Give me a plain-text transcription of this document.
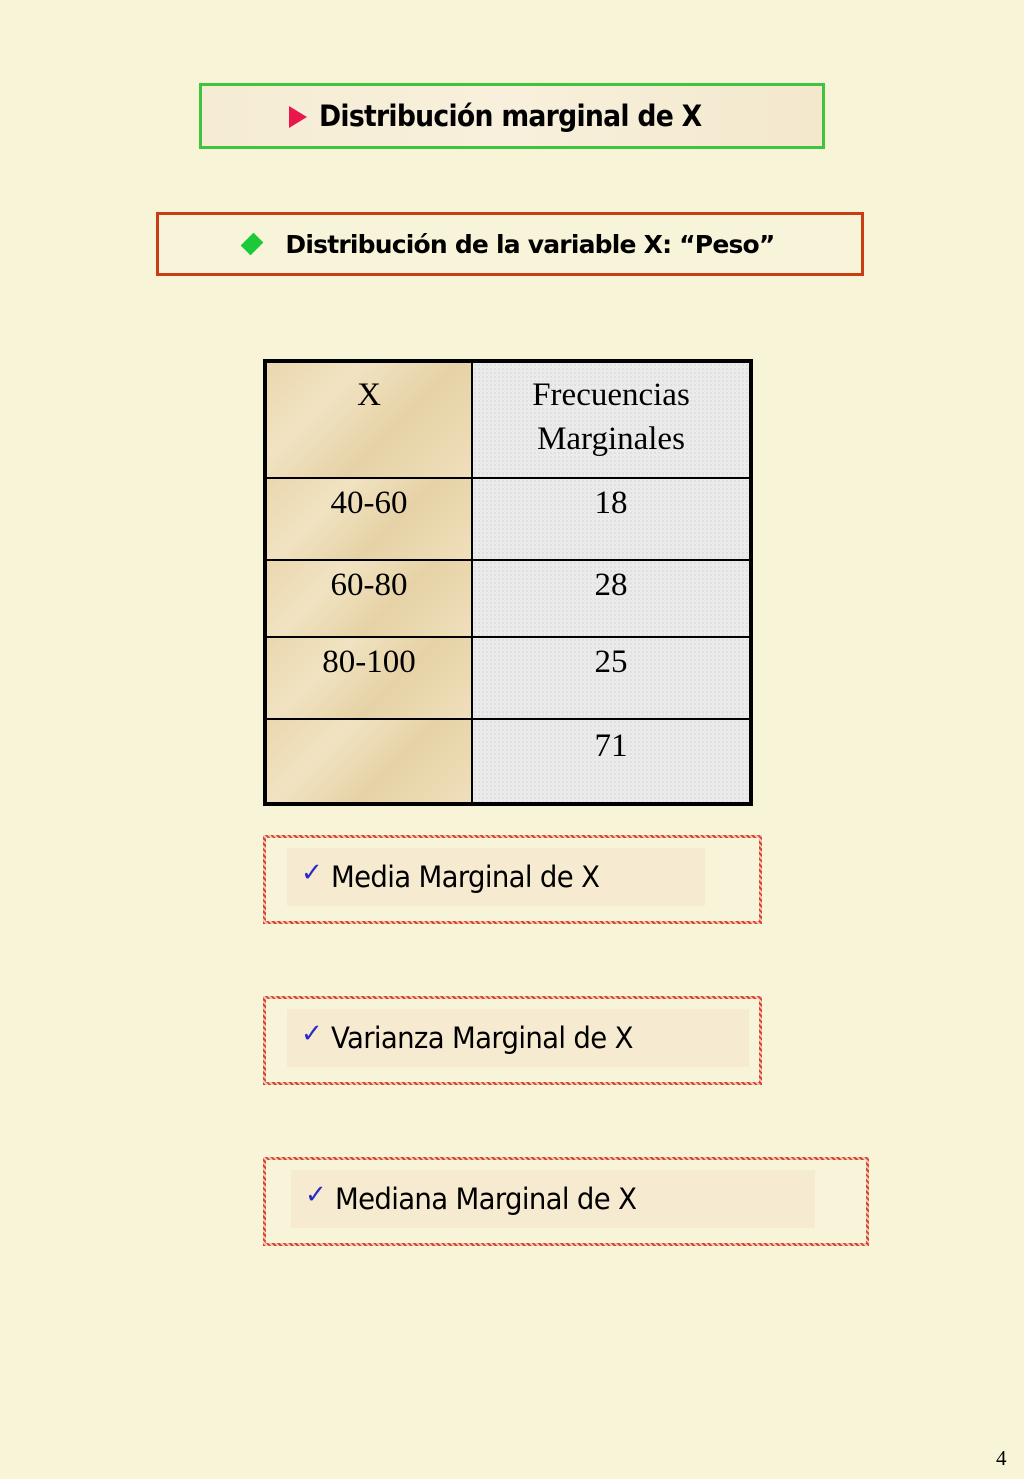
Distribución marginal de X
Distribución de la variable X: “Peso”
X	Frecuencias
Marginales

40-60	18
60-80	28
80-100	25
	71
✓ Media Marginal de X
✓ Varianza Marginal de X
✓ Mediana Marginal de X
4
